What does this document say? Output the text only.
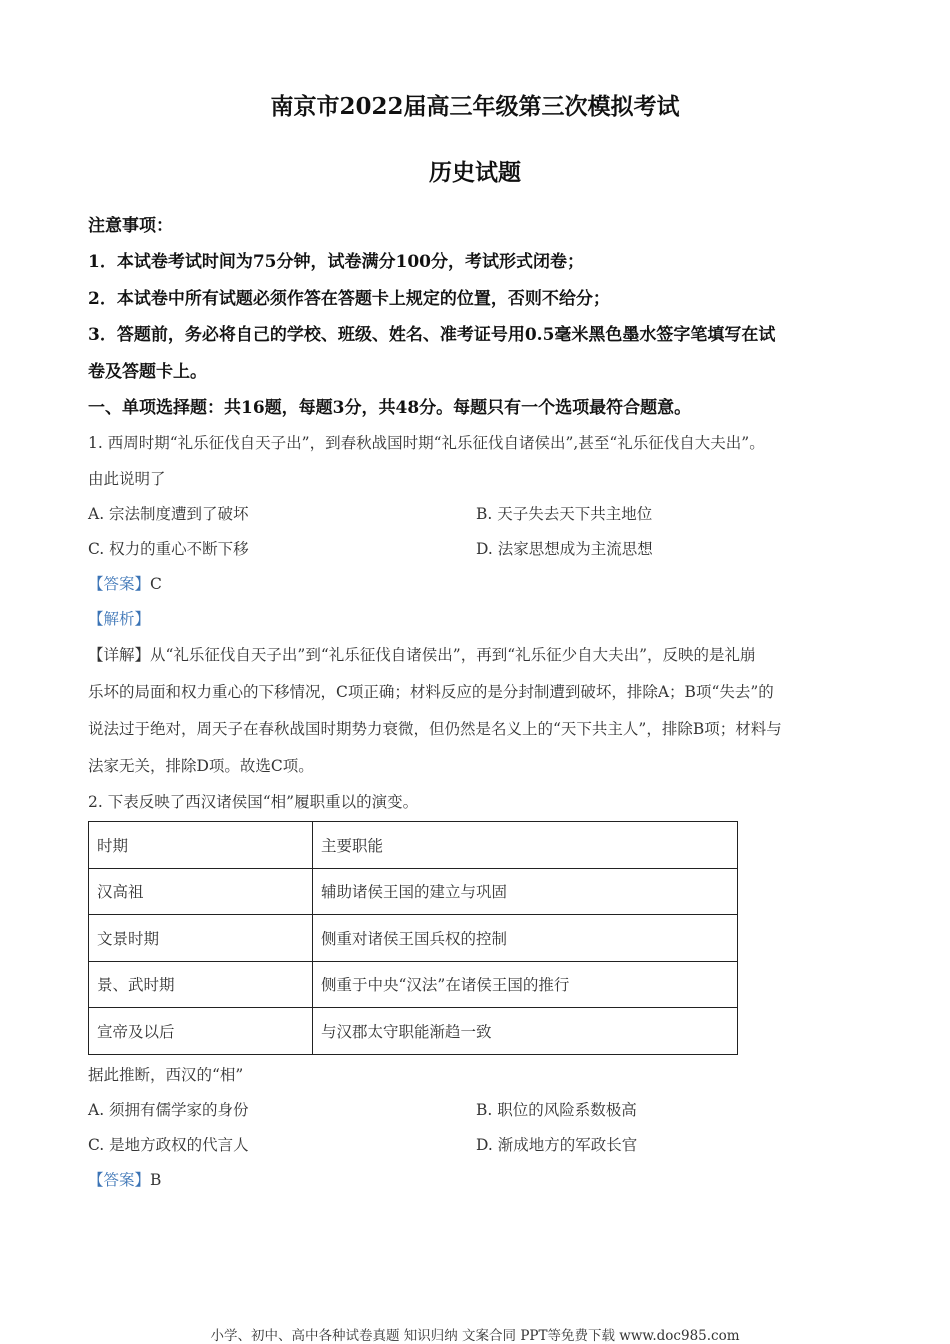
南京市2022届高三年级第三次模拟考试
历史试题
注意事项：
1．本试卷考试时间为75分钟，试卷满分100分，考试形式闭卷；
2．本试卷中所有试题必须作答在答题卡上规定的位置，否则不给分；
3．答题前，务必将自己的学校、班级、姓名、准考证号用0.5毫米黑色墨水签字笔填写在试
卷及答题卡上。
一、单项选择题：共16题，每题3分，共48分。每题只有一个选项最符合题意。
1. 西周时期“礼乐征伐自天子出”，到春秋战国时期“礼乐征伐自诸侯出”,甚至“礼乐征伐自大夫出”。
由此说明了
A. 宗法制度遭到了破坏	B. 天子失去天下共主地位
C. 权力的重心不断下移	D. 法家思想成为主流思想
【答案】C
【解析】
【详解】从“礼乐征伐自天子出”到“礼乐征伐自诸侯出”，再到“礼乐征少自大夫出”，反映的是礼崩
乐坏的局面和权力重心的下移情况，C项正确；材料反应的是分封制遭到破坏，排除A；B项“失去”的
说法过于绝对，周天子在春秋战国时期势力衰微，但仍然是名义上的“天下共主人”，排除B项；材料与
法家无关，排除D项。故选C项。
2. 下表反映了西汉诸侯国“相”履职重以的演变。
时期	主要职能
汉高祖	辅助诸侯王国的建立与巩固
文景时期	侧重对诸侯王国兵权的控制
景、武时期	侧重于中央“汉法”在诸侯王国的推行
宣帝及以后	与汉郡太守职能渐趋一致
据此推断，西汉的“相”
A. 须拥有儒学家的身份	B. 职位的风险系数极高
C. 是地方政权的代言人	D. 渐成地方的军政长官
【答案】B
小学、初中、高中各种试卷真题 知识归纳 文案合同 PPT等免费下载 www.doc985.com
